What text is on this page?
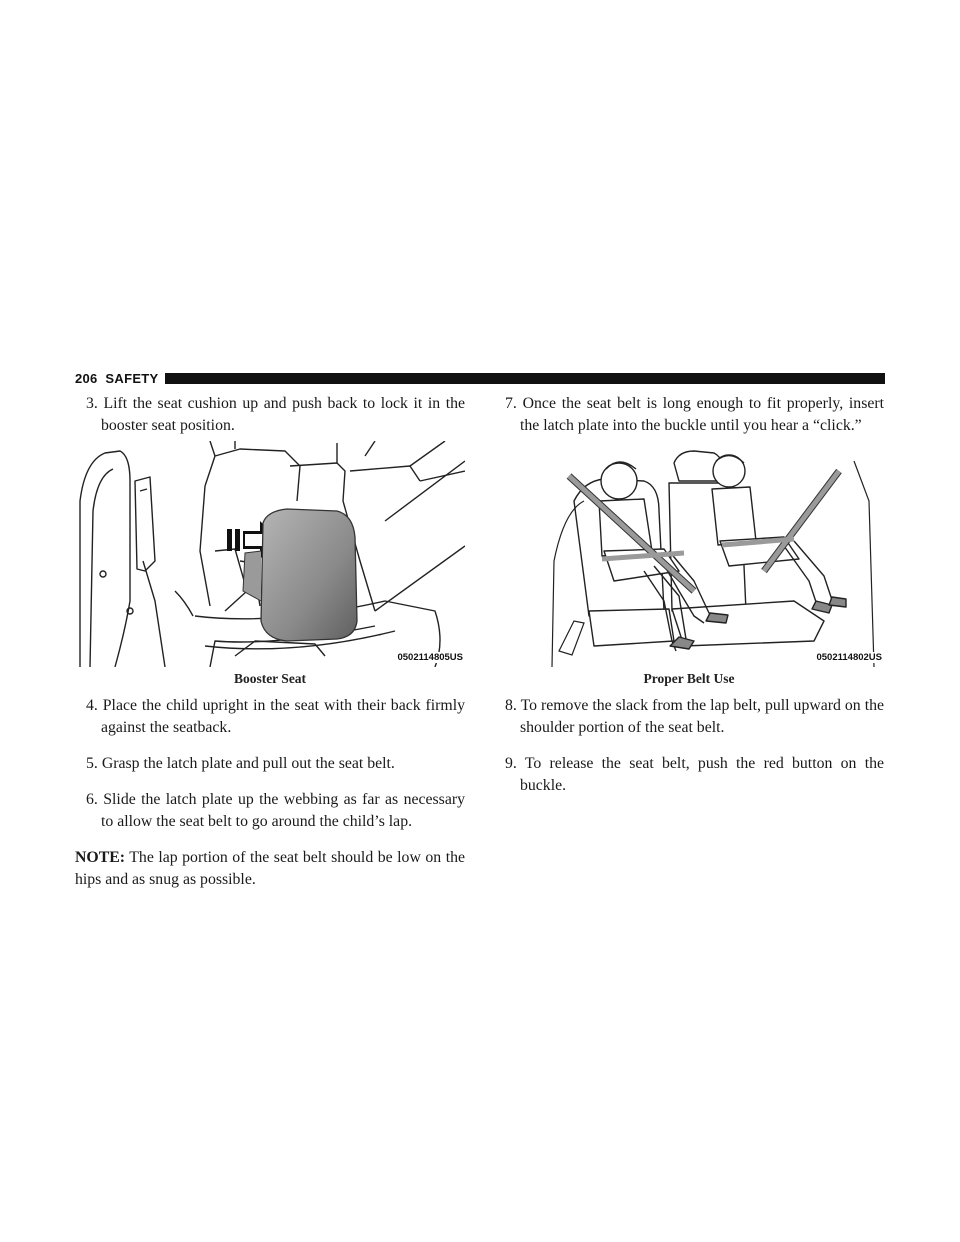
206 SAFETY

3. Lift the seat cushion up and push back to lock it in the booster seat position.

0502114805US
Booster Seat

4. Place the child upright in the seat with their back firmly against the seatback.

5. Grasp the latch plate and pull out the seat belt.

6. Slide the latch plate up the webbing as far as necessary to allow the seat belt to go around the child’s lap.

NOTE: The lap portion of the seat belt should be low on the hips and as snug as possible.

7. Once the seat belt is long enough to fit properly, insert the latch plate into the buckle until you hear a “click.”

0502114802US
Proper Belt Use

8. To remove the slack from the lap belt, pull upward on the shoulder portion of the seat belt.

9. To release the seat belt, push the red button on the buckle.
